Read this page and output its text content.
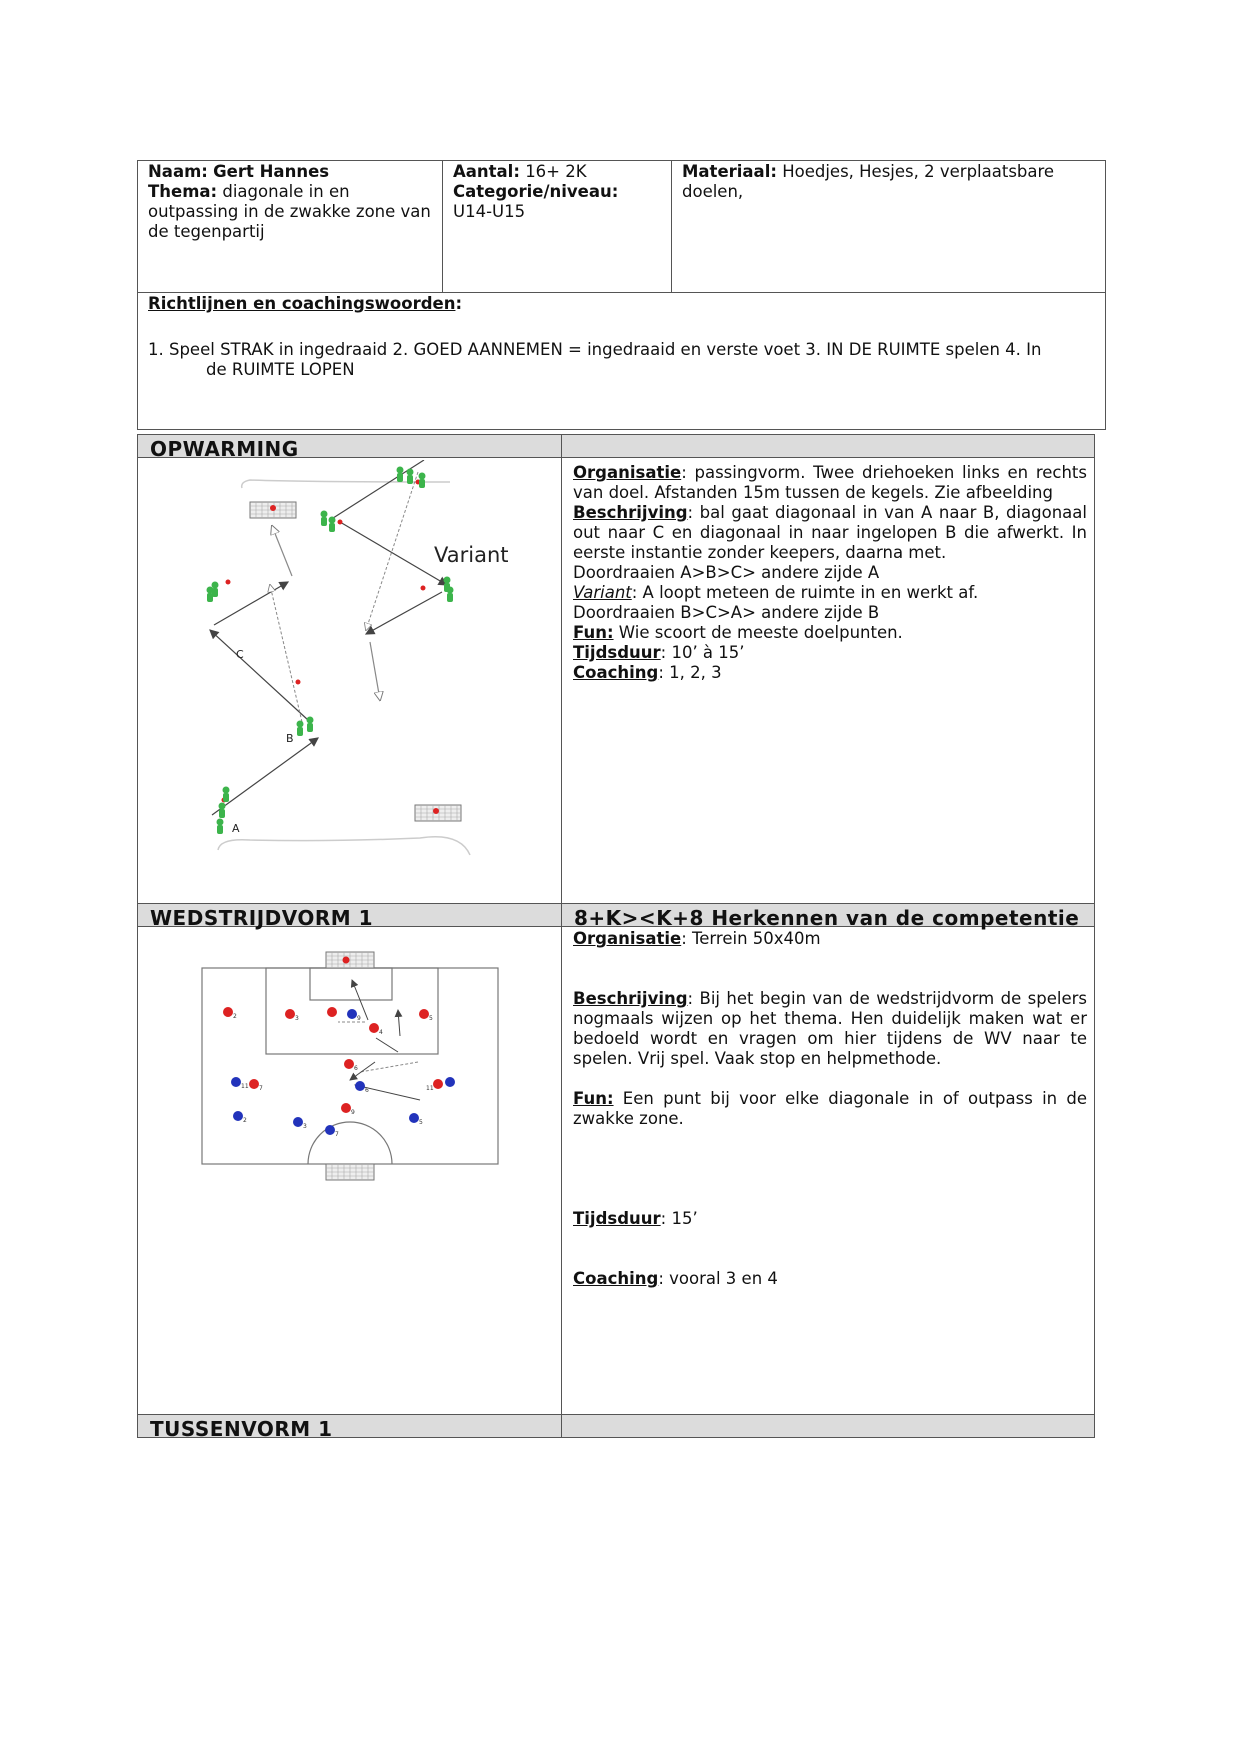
Naam: Gert Hannes

Thema: diagonale in en outpassing in de zwakke zone van de tegenpartij

Aantal: 16+ 2K

Categorie/niveau:

U14-U15

Materiaal: Hoedjes, Hesjes, 2 verplaatsbare doelen,

Richtlijnen en coachingswoorden:

1. Speel STRAK in ingedraaid 2. GOED AANNEMEN = ingedraaid en verste voet 3. IN DE RUIMTE spelen 4. In

de RUIMTE LOPEN

OPWARMING
C
B
A
Variant

Organisatie: passingvorm. Twee driehoeken links en rechts van doel. Afstanden 15m tussen de kegels. Zie afbeelding

Beschrijving: bal gaat diagonaal in van A naar B, diagonaal out naar C en diagonaal in naar ingelopen B die afwerkt. In eerste instantie zonder keepers, daarna met.

Doordraaien A>B>C> andere zijde A

Variant: A loopt meteen de ruimte in en werkt af.

Doordraaien B>C>A> andere zijde B

Fun: Wie scoort de meeste doelpunten.

Tijdsduur: 10’ à 15’

Coaching: 1, 2, 3

WEDSTRIJDVORM 1	8+K><K+8 Herkennen van de competentie
2	3	9	5
4
6
7
11
2
6	11
3
9
5
7

Organisatie: Terrein 50x40m

Beschrijving: Bij het begin van de wedstrijdvorm de spelers nogmaals wijzen op het thema. Hen duidelijk maken wat er bedoeld wordt en vragen om hier tijdens de WV naar te spelen. Vrij spel. Vaak stop en helpmethode.

Fun: Een punt bij voor elke diagonale in of outpass in de zwakke zone.

Tijdsduur: 15’

Coaching: vooral 3 en 4

TUSSENVORM 1
